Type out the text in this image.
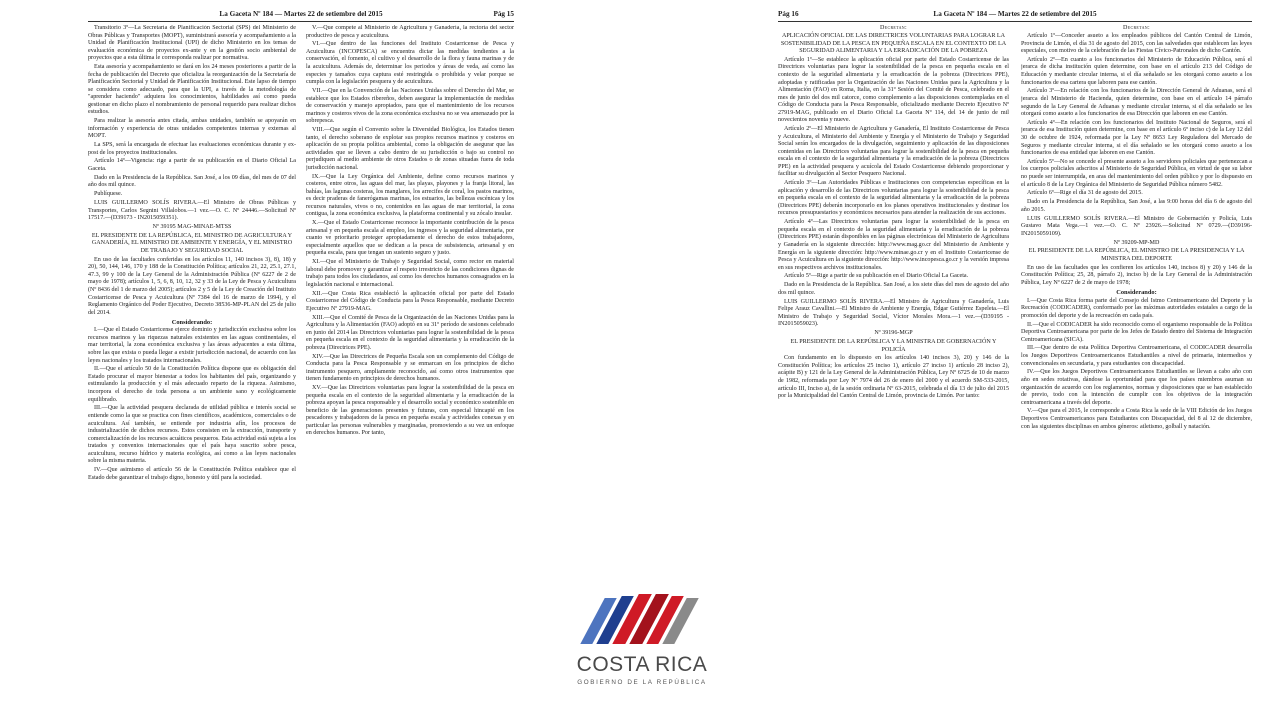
La Gaceta Nº 184 — Martes 22 de setiembre del 2015	Pág 15

Transitorio 3º—La Secretaría de Planificación Sectorial (SPS) del Ministerio de Obras Públicas y Transportes (MOPT), suministrará asesoría y acompañamiento a la Unidad de Planificación Institucional (UPI) de dicho Ministerio en los temas de evaluación económica de proyectos ex-ante y en la gestión socio ambiental de proyectos que a esta última le corresponda realizar por normativa.

Esta asesoría y acompañamiento se dará en los 24 meses posteriores a partir de la fecha de publicación del Decreto que oficializa la reorganización de la Secretaría de Planificación Sectorial y Unidad de Planificación Institucional. Este lapso de tiempo se considera como adecuado, para que la UPI, a través de la metodología de "aprender haciendo" adquiera los conocimientos, habilidades así como pueda gestionar en dicho plazo el nombramiento de personal requerido para realizar dichos estudios.

Para realizar la asesoría antes citada, ambas unidades, también se apoyarán en información y experiencia de otras unidades competentes internas y externas al MOPT.

La SPS, será la encargada de efectuar las evaluaciones económicas durante y ex-post de los proyectos institucionales.

Artículo 14º—Vigencia: rige a partir de su publicación en el Diario Oficial La Gaceta.

Dado en la Presidencia de la República. San José, a los 09 días, del mes de 07 del año dos mil quince.

Publíquese.

LUIS GUILLERMO SOLÍS RIVERA.—El Ministro de Obras Públicas y Transportes, Carlos Segnini Villalobos.—1 vez.—O. C. Nº 24446.—Solicitud Nº 17517.—(D39173 - IN2015059351).

Nº 39195 MAG-MINAE-MTSS

EL PRESIDENTE DE LA REPÚBLICA, EL MINISTRO DE AGRICULTURA Y GANADERÍA, EL MINISTRO DE AMBIENTE Y ENERGÍA, Y EL MINISTRO DE TRABAJO Y SEGURIDAD SOCIAL

En uso de las facultades conferidas en los artículos 11, 140 incisos 3), 8), 18) y 20), 50, 144, 146, 170 y 188 de la Constitución Política; artículos 21, 22, 25.1, 27.1, 47.3, 99 y 100 de la Ley General de la Administración Pública (Nº 6227 de 2 de mayo de 1978); artículos 1, 5, 6, 8, 10, 12, 32 y 33 de la Ley de Pesca y Acuicultura (Nº 8436 del 1 de marzo del 2005); artículos 2 y 5 de la Ley de Creación del Instituto Costarricense de Pesca y Acuicultura (Nº 7384 del 16 de marzo de 1994), y el Reglamento Orgánico del Poder Ejecutivo, Decreto 38536-MP-PLAN del 25 de julio del 2014.

Considerando:

I.—Que el Estado Costarricense ejerce dominio y jurisdicción exclusiva sobre los recursos marinos y las riquezas naturales existentes en las aguas continentales, el mar territorial, la zona económica exclusiva y las áreas adyacentes a esta última, sobre las que exista o pueda llegar a existir jurisdicción nacional, de acuerdo con las leyes nacionales y los tratados internacionales.

II.—Que el artículo 50 de la Constitución Política dispone que es obligación del Estado procurar el mayor bienestar a todos los habitantes del país, organizando y estimulando la producción y el más adecuado reparto de la riqueza. Asimismo, incorpora el derecho de toda persona a un ambiente sano y ecológicamente equilibrado.

III.—Que la actividad pesquera declarada de utilidad pública e interés social se entiende como la que se practica con fines científicos, académicos, comerciales o de acuicultura. Así también, se entiende por industria afín, los procesos de industrialización de dichos recursos. Estos consisten en la extracción, transporte y comercialización de los recursos acuáticos pesqueros. Esta actividad está sujeta a los tratados y convenios internacionales que el país haya suscrito sobre pesca, acuicultura, recurso hídrico y materia ecológica, así como a las leyes nacionales sobre la misma materia.

IV.—Que asimismo el artículo 56 de la Constitución Política establece que el Estado debe garantizar el trabajo digno, honesto y útil para la sociedad.

V.—Que compete al Ministerio de Agricultura y Ganadería, la rectoría del sector productivo de pesca y acuicultura.

VI.—Que dentro de las funciones del Instituto Costarricense de Pesca y Acuicultura (INCOPESCA) se encuentra dictar las medidas tendientes a la conservación, el fomento, el cultivo y el desarrollo de la flora y fauna marinas y de la acuicultura. Además de, determinar los periodos y áreas de veda, así como las especies y tamaños cuya captura esté restringida o prohibida y velar porque se cumpla con la legislación pesquera y de acuicultura.

VII.—Que en la Convención de las Naciones Unidas sobre el Derecho del Mar, se establece que los Estados ribereños, deben asegurar la implementación de medidas de conservación y manejo apropiados, para que el mantenimiento de los recursos marinos y costeros vivos de la zona económica exclusiva no se vea amenazado por la sobrepesca.

VIII.—Que según el Convenio sobre la Diversidad Biológica, los Estados tienen tanto, el derecho soberano de explotar sus propios recursos marinos y costeros en aplicación de su propia política ambiental, como la obligación de asegurar que las actividades que se lleven a cabo dentro de su jurisdicción o bajo su control no perjudiquen al medio ambiente de otros Estados o de zonas situadas fuera de toda jurisdicción nacional.

IX.—Que la Ley Orgánica del Ambiente, define como recursos marinos y costeros, entre otros, las aguas del mar, las playas, playones y la franja litoral, las bahías, las lagunas costeras, los manglares, los arrecifes de coral, los pastos marinos, es decir praderas de fanerógamas marinas, los estuarios, las bellezas escénicas y los recursos naturales, vivos o no, contenidos en las aguas de mar territorial, la zona contigua, la zona económica exclusiva, la plataforma continental y su zócalo insular.

X.—Que el Estado Costarricense reconoce la importante contribución de la pesca artesanal y en pequeña escala al empleo, los ingresos y la seguridad alimentaria, por cuanto ve prioritario proteger apropiadamente el derecho de estos trabajadores, especialmente aquellos que se dedican a la pesca de subsistencia, artesanal y en pequeña escala, para que tengan un sustento seguro y justo.

XI.—Que el Ministerio de Trabajo y Seguridad Social, como rector en material laboral debe promover y garantizar el respeto irrestricto de las condiciones dignas de trabajo para todos los ciudadanos, así como los derechos humanos consagrados en la legislación nacional e internacional.

XII.—Que Costa Rica estableció la aplicación oficial por parte del Estado Costarricense del Código de Conducta para la Pesca Responsable, mediante Decreto Ejecutivo Nº 27919-MAG.

XIII.—Que el Comité de Pesca de la Organización de las Naciones Unidas para la Agricultura y la Alimentación (FAO) adoptó en su 31º período de sesiones celebrado en junio del 2014 las Directrices voluntarias para lograr la sostenibilidad de la pesca en pequeña escala en el contexto de la seguridad alimentaria y la erradicación de la pobreza (Directrices PPE).

XIV.—Que las Directrices de Pequeña Escala son un complemento del Código de Conducta para la Pesca Responsable y se enmarcan en los principios de dicho instrumento pesquero, ampliamente reconocido, así como otros instrumentos que tienen fundamento en principios de derechos humanos.

XV.—Que las Directrices voluntarias para lograr la sostenibilidad de la pesca en pequeña escala en el contexto de la seguridad alimentaria y la erradicación de la pobreza apoyan la pesca responsable y el desarrollo social y económico sostenible en beneficio de las generaciones presentes y futuras, con especial hincapié en los pescadores y trabajadores de la pesca en pequeña escala y actividades conexas y en particular las personas vulnerables y marginadas, promoviendo a su vez un enfoque en derechos humanos. Por tanto,

Pág 16	La Gaceta Nº 184 — Martes 22 de setiembre del 2015
Decretan:

APLICACIÓN OFICIAL DE LAS DIRECTRICES VOLUNTARIAS PARA LOGRAR LA SOSTENIBILIDAD DE LA PESCA EN PEQUEÑA ESCALA EN EL CONTEXTO DE LA SEGURIDAD ALIMENTARIA Y LA ERRADICACIÓN DE LA POBREZA

Artículo 1º—Se establece la aplicación oficial por parte del Estado Costarricense de las Directrices voluntarias para lograr la sostenibilidad de la pesca en pequeña escala en el contexto de la seguridad alimentaria y la erradicación de la pobreza (Directrices PPE), adoptadas y ratificadas por la Organización de las Naciones Unidas para la Agricultura y la Alimentación (FAO) en Roma, Italia, en la 31º Sesión del Comité de Pesca, celebrado en el mes de junio del dos mil catorce, como complemento a las disposiciones contempladas en el Código de Conducta para la Pesca Responsable, oficializado mediante Decreto Ejecutivo Nº 27919-MAG, publicado en el Diario Oficial La Gaceta Nº 114, del 14 de junio de mil novecientos noventa y nueve.

Artículo 2º—El Ministerio de Agricultura y Ganadería, El Instituto Costarricense de Pesca y Acuicultura, el Ministerio del Ambiente y Energía y el Ministerio de Trabajo y Seguridad Social serán los encargados de la divulgación, seguimiento y aplicación de las disposiciones contenidas en las Directrices voluntarias para lograr la sostenibilidad de la pesca en pequeña escala en el contexto de la seguridad alimentaria y la erradicación de la pobreza (Directrices PPE) en la actividad pesquera y acuícola del Estado Costarricense debiendo proporcionar y facilitar su divulgación al Sector Pesquero Nacional.

Artículo 3º—Las Autoridades Públicas e Instituciones con competencias específicas en la aplicación y desarrollo de las Directrices voluntarias para lograr la sostenibilidad de la pesca en pequeña escala en el contexto de la seguridad alimentaria y la erradicación de la pobreza (Directrices PPE) deberán incorporarlo en los planes operativos institucionales y destinar los recursos presupuestarios y económicos necesarios para atender la realización de sus acciones.

Artículo 4º—Las Directrices voluntarias para lograr la sostenibilidad de la pesca en pequeña escala en el contexto de la seguridad alimentaria y la erradicación de la pobreza (Directrices PPE) estarán disponibles en las páginas electrónicas del Ministerio de Agricultura y Ganadería en la siguiente dirección: http://www.mag.go.cr del Ministerio de Ambiente y Energía en la siguiente dirección: http://www.minae.go.cr y en el Instituto Costarricense de Pesca y Acuicultura en la siguiente dirección: http://www.incopesca.go.cr y la versión impresa en sus respectivos archivos institucionales.

Artículo 5º—Rige a partir de su publicación en el Diario Oficial La Gaceta.

Dado en la Presidencia de la República. San José, a los siete días del mes de agosto del año dos mil quince.

LUIS GUILLERMO SOLÍS RIVERA.—El Ministro de Agricultura y Ganadería, Luis Felipe Arauz Cavallini.—El Ministro de Ambiente y Energía, Edgar Gutiérrez Espeleta.—El Ministro de Trabajo y Seguridad Social, Víctor Morales Mora.—1 vez.—(D39195 - IN2015059023).

Nº 39196-MGP

EL PRESIDENTE DE LA REPÚBLICA Y LA MINISTRA DE GOBERNACIÓN Y POLICÍA

Con fundamento en lo dispuesto en los artículos 140 incisos 3), 20) y 146 de la Constitución Política; los artículos 25 inciso 1), artículo 27 inciso 1) artículo 28 inciso 2), acápite B) y 121 de la Ley General de la Administración Pública, Ley Nº 6725 de 10 de marzo de 1982, reformada por Ley Nº 7974 del 26 de enero del 2000 y el acuerdo SM-533-2015, artículo III, Inciso a), de la sesión ordinaria Nº 63-2015, celebrada el día 13 de julio del 2015 por la Municipalidad del Cantón Central de Limón, provincia de Limón. Por tanto:

Decretan:

Artículo 1º—Conceder asueto a los empleados públicos del Cantón Central de Limón, Provincia de Limón, el día 31 de agosto del 2015, con las salvedades que establecen las leyes especiales, con motivo de la celebración de las Fiestas Cívico-Patronales de dicho Cantón.

Artículo 2º—En cuanto a los funcionarios del Ministerio de Educación Pública, será el jerarca de dicha institución quien determine, con base en el artículo 213 del Código de Educación y mediante circular interna, si el día señalado se les otorgará como asueto a los funcionarios de esa cartera que laboren para ese cantón.

Artículo 3º—En relación con los funcionarios de la Dirección General de Aduanas, será el jerarca del Ministerio de Hacienda, quien determine, con base en el artículo 14 párrafo segundo de la Ley General de Aduanas y mediante circular interna, si el día señalado se les otorgará como asueto a los funcionarios de esa Dirección que laboren en ese Cantón.

Artículo 4º—En relación con los funcionarios del Instituto Nacional de Seguros, será el jerarca de esa Institución quien determine, con base en el artículo 6º inciso c) de la Ley 12 del 30 de octubre de 1924, reformada por la Ley Nº 8653 Ley Reguladora del Mercado de Seguros y mediante circular interna, si el día señalado se les otorgará como asueto a los funcionarios de esa entidad que laboren en ese Cantón.

Artículo 5º—No se concede el presente asueto a los servidores policiales que pertenezcan a los cuerpos policiales adscritos al Ministerio de Seguridad Pública, en virtud de que su labor no puede ser interrumpida, en aras del mantenimiento del orden público y por lo dispuesto en el artículo 8 de la Ley Orgánica del Ministerio de Seguridad Pública número 5482.

Artículo 6º—Rige el día 31 de agosto del 2015.

Dado en la Presidencia de la República, San José, a las 9:00 horas del día 6 de agosto del año 2015.

LUIS GUILLERMO SOLÍS RIVERA.—El Ministro de Gobernación y Policía, Luis Gustavo Mata Vega.—1 vez.—O. C. Nº 23926.—Solicitud Nº 0729.—(D39196-IN2015059109).

Nº 39209-MP-MD

EL PRESIDENTE DE LA REPÚBLICA, EL MINISTRO DE LA PRESIDENCIA Y LA MINISTRA DEL DEPORTE

En uso de las facultades que les confieren los artículos 140, incisos 8) y 20) y 146 de la Constitución Política; 25, 28, párrafo 2), inciso b) de la Ley General de la Administración Pública, Ley Nº 6227 de 2 de mayo de 1978;

Considerando:

I.—Que Costa Rica forma parte del Consejo del Istmo Centroamericano del Deporte y la Recreación (CODICADER), conformado por las máximas autoridades estatales a cargo de la promoción del deporte y de la recreación en cada país.

II.—Que el CODICADER ha sido reconocido como el organismo responsable de la Política Deportiva Centroamericana por parte de los Jefes de Estado dentro del Sistema de Integración Centroamericana (SICA).

III.—Que dentro de esta Política Deportiva Centroamericana, el CODICADER desarrolla los Juegos Deportivos Centroamericanos Estudiantiles a nivel de primaria, intermedios y convencionales en secundaria, y para estudiantes con discapacidad.

IV.—Que los Juegos Deportivos Centroamericanos Estudiantiles se llevan a cabo año con año en sedes rotativas, dándose la oportunidad para que los países miembros asuman su organización de acuerdo con los reglamentos, normas y disposiciones que se han establecido de previo, todo con la intención de cumplir con los objetivos de la integración centroamericana a través del deporte.

V.—Que para el 2015, le corresponde a Costa Rica la sede de la VIII Edición de los Juegos Deportivos Centroamericanos para Estudiantes con Discapacidad, del 8 al 12 de diciembre, con las siguientes disciplinas en ambos géneros: atletismo, golball y natación.

COSTA RICA
GOBIERNO DE LA REPÚBLICA
